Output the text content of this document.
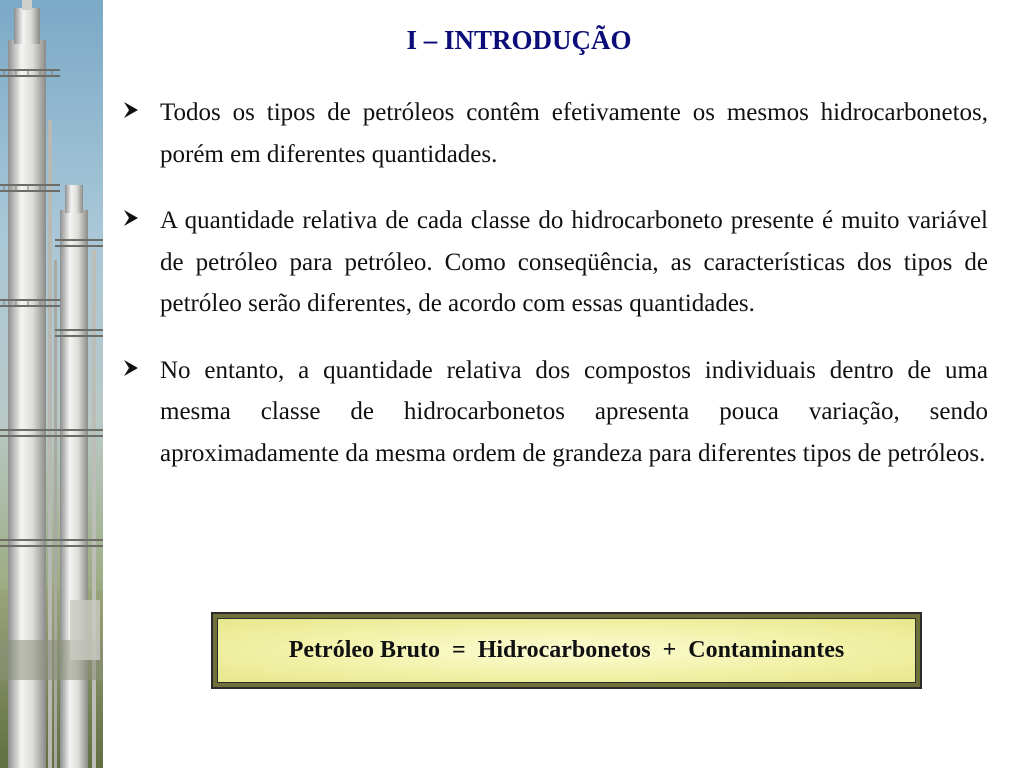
I – INTRODUÇÃO
Todos os tipos de petróleos contêm efetivamente os mesmos hidrocarbonetos, porém em diferentes quantidades.
A quantidade relativa de cada classe do hidrocarboneto presente é muito variável de petróleo para petróleo. Como conseqüência, as características dos tipos de petróleo serão diferentes, de acordo com essas quantidades.
No entanto, a quantidade relativa dos compostos individuais dentro de uma mesma classe de hidrocarbonetos apresenta pouca variação, sendo aproximadamente da mesma ordem de grandeza para diferentes tipos de petróleos.
Petróleo Bruto  =  Hidrocarbonetos  +  Contaminantes
